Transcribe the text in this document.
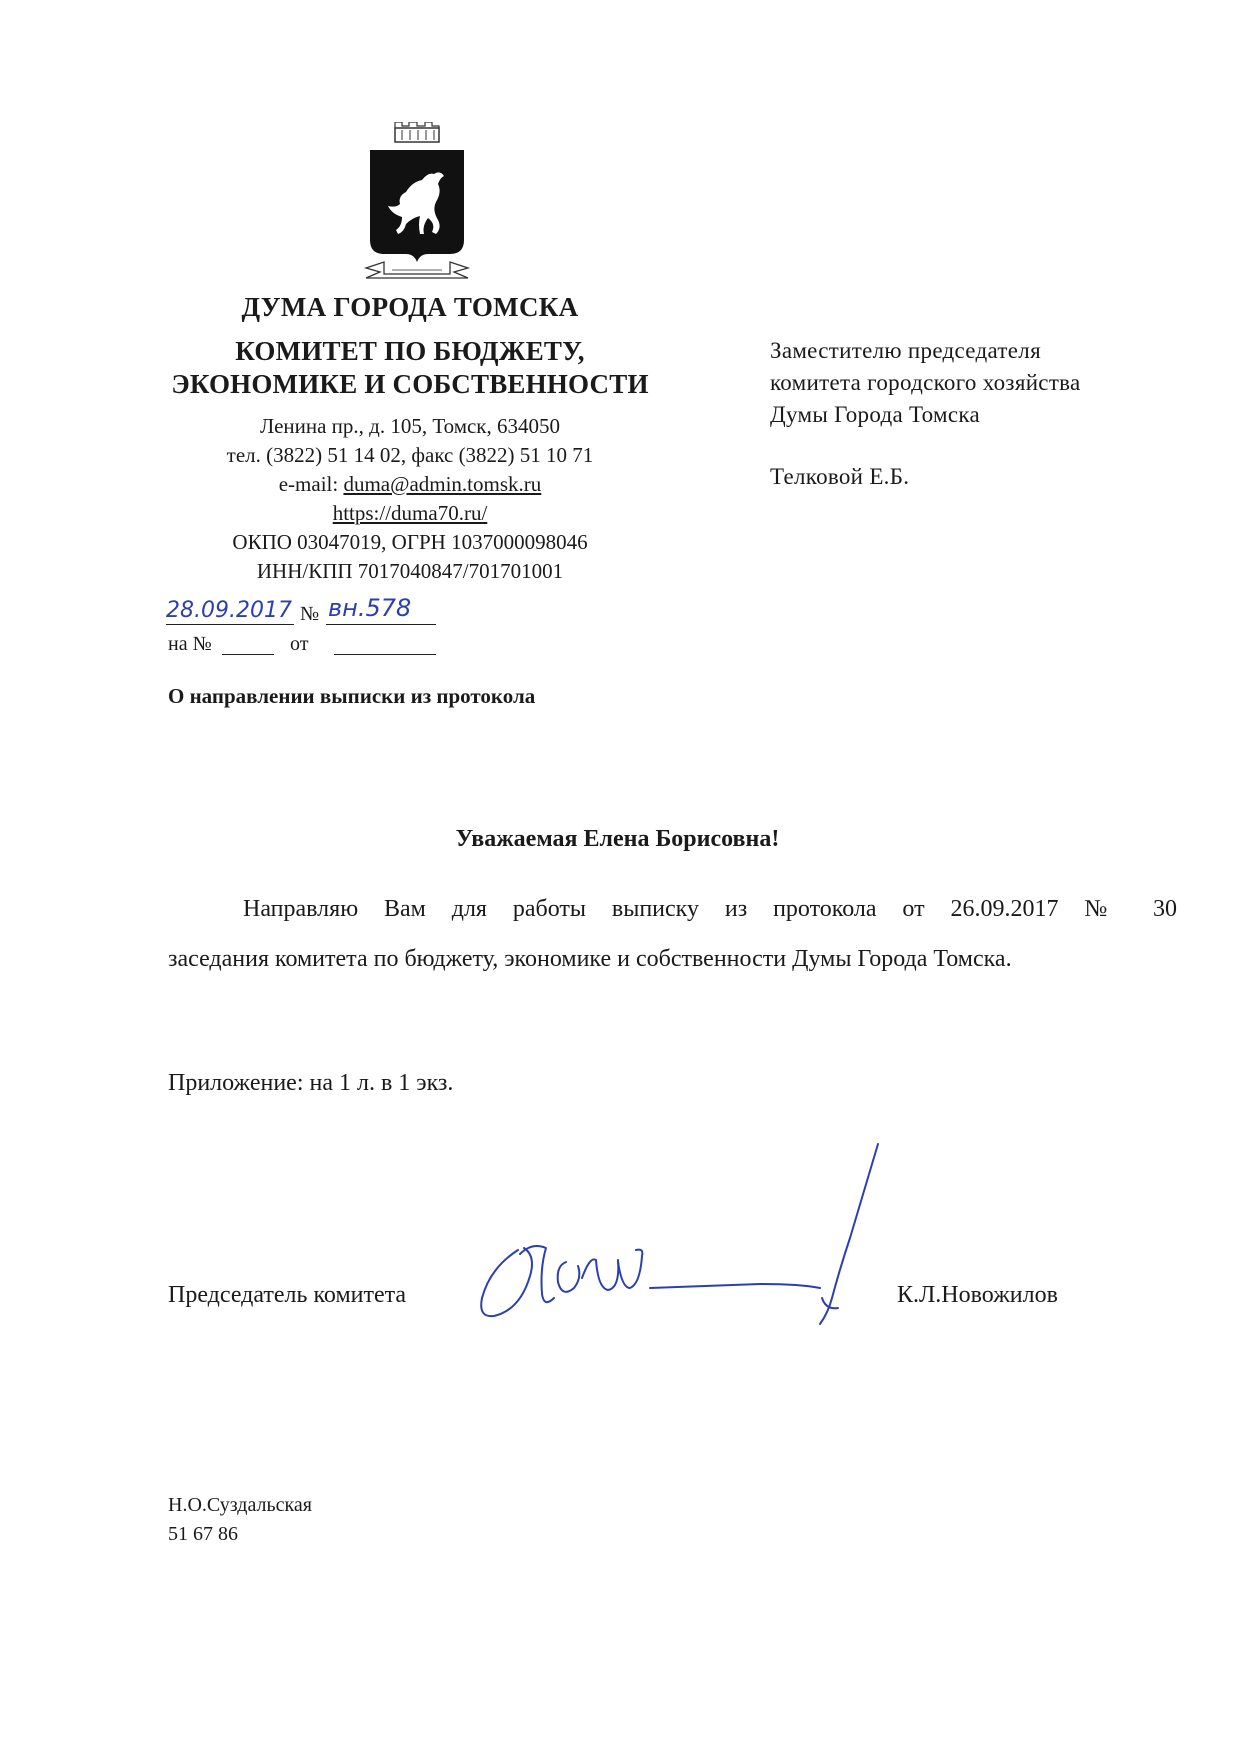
ДУМА ГОРОДА ТОМСКА
КОМИТЕТ ПО БЮДЖЕТУ,
ЭКОНОМИКЕ И СОБСТВЕННОСТИ
Ленина пр., д. 105, Томск, 634050
тел. (3822) 51 14 02, факс (3822) 51 10 71
e-mail: duma@admin.tomsk.ru
https://duma70.ru/
ОКПО 03047019, ОГРН 1037000098046
ИНН/КПП 7017040847/701701001
28.09.2017 № вн.578
на №	от
Заместителю председателя
комитета городского хозяйства
Думы Города Томска
Телковой Е.Б.
О направлении выписки из протокола
Уважаемая Елена Борисовна!
Направляю Вам для работы выписку из протокола от 26.09.2017 № 30
заседания комитета по бюджету, экономике и собственности Думы Города Томска.
Приложение: на 1 л. в 1 экз.
Председатель комитета	К.Л.Новожилов
Н.О.Суздальская
51 67 86
